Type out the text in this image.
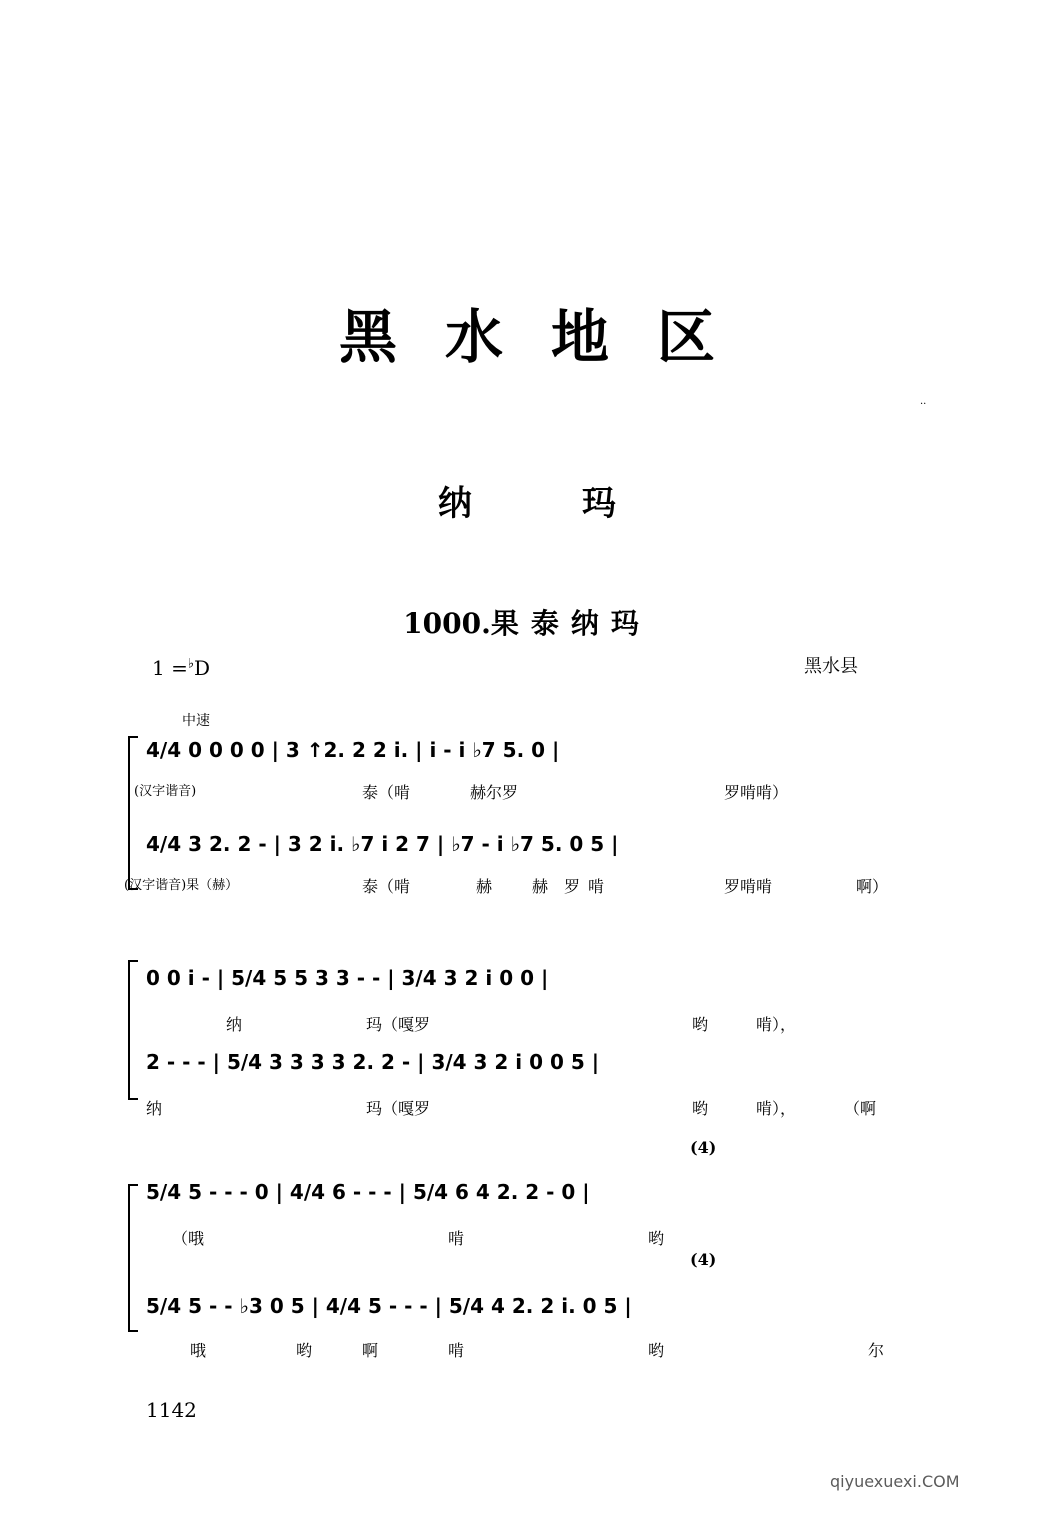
..
黑水地区
纳玛
1000.果泰纳玛
1 =♭D	黑水县
中速
4/4 0 0 0 0 | 3 ↑2. 2 2 i. | i - i ♭7 5. 0 |
(汉字谐音)	泰（啃	赫尔罗	罗啃啃）
4/4 3 2. 2 - | 3 2 i. ♭7 i 2 7 | ♭7 - i ♭7 5. 0 5 |
(汉字谐音)果（赫）	泰（啃	赫 赫 罗 啃	罗啃啃	啊）
0 0 i - | 5/4 5 5 3 3 - - | 3/4 3 2 i 0 0 |
纳	玛（嘎罗	哟	啃），
2 - - - | 5/4 3 3 3 3 2. 2 - | 3/4 3 2 i 0 0 5 |
纳	玛（嘎罗	哟	啃），	（啊
(4)
5/4 5 - - - 0 | 4/4 6 - - - | 5/4 6 4 2. 2 - 0 |
（哦	啃	哟
(4)
5/4 5 - - ♭3 0 5 | 4/4 5 - - - | 5/4 4 2. 2 i. 0 5 |
哦	哟	啊	啃	哟	尔
1142
qiyuexuexi.COM
